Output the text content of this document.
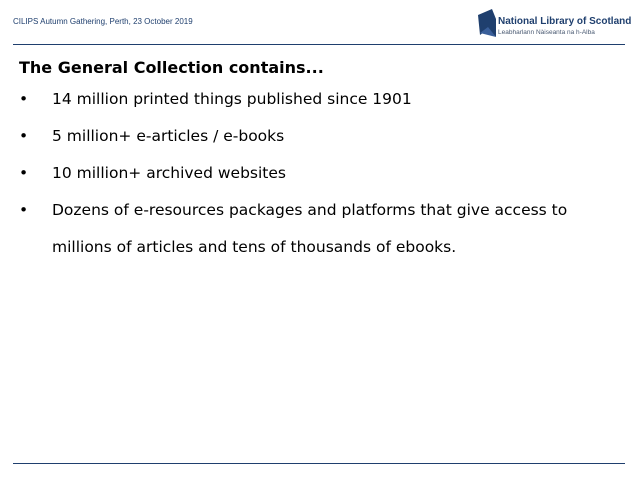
CILIPS Autumn Gathering, Perth, 23 October 2019	National Library of Scotland
Leabharlann Nàiseanta na h-Alba
The General Collection contains...
• 14 million printed things published since 1901
• 5 million+ e-articles / e-books
• 10 million+ archived websites
• Dozens of e-resources packages and platforms that give access to millions of articles and tens of thousands of ebooks.
